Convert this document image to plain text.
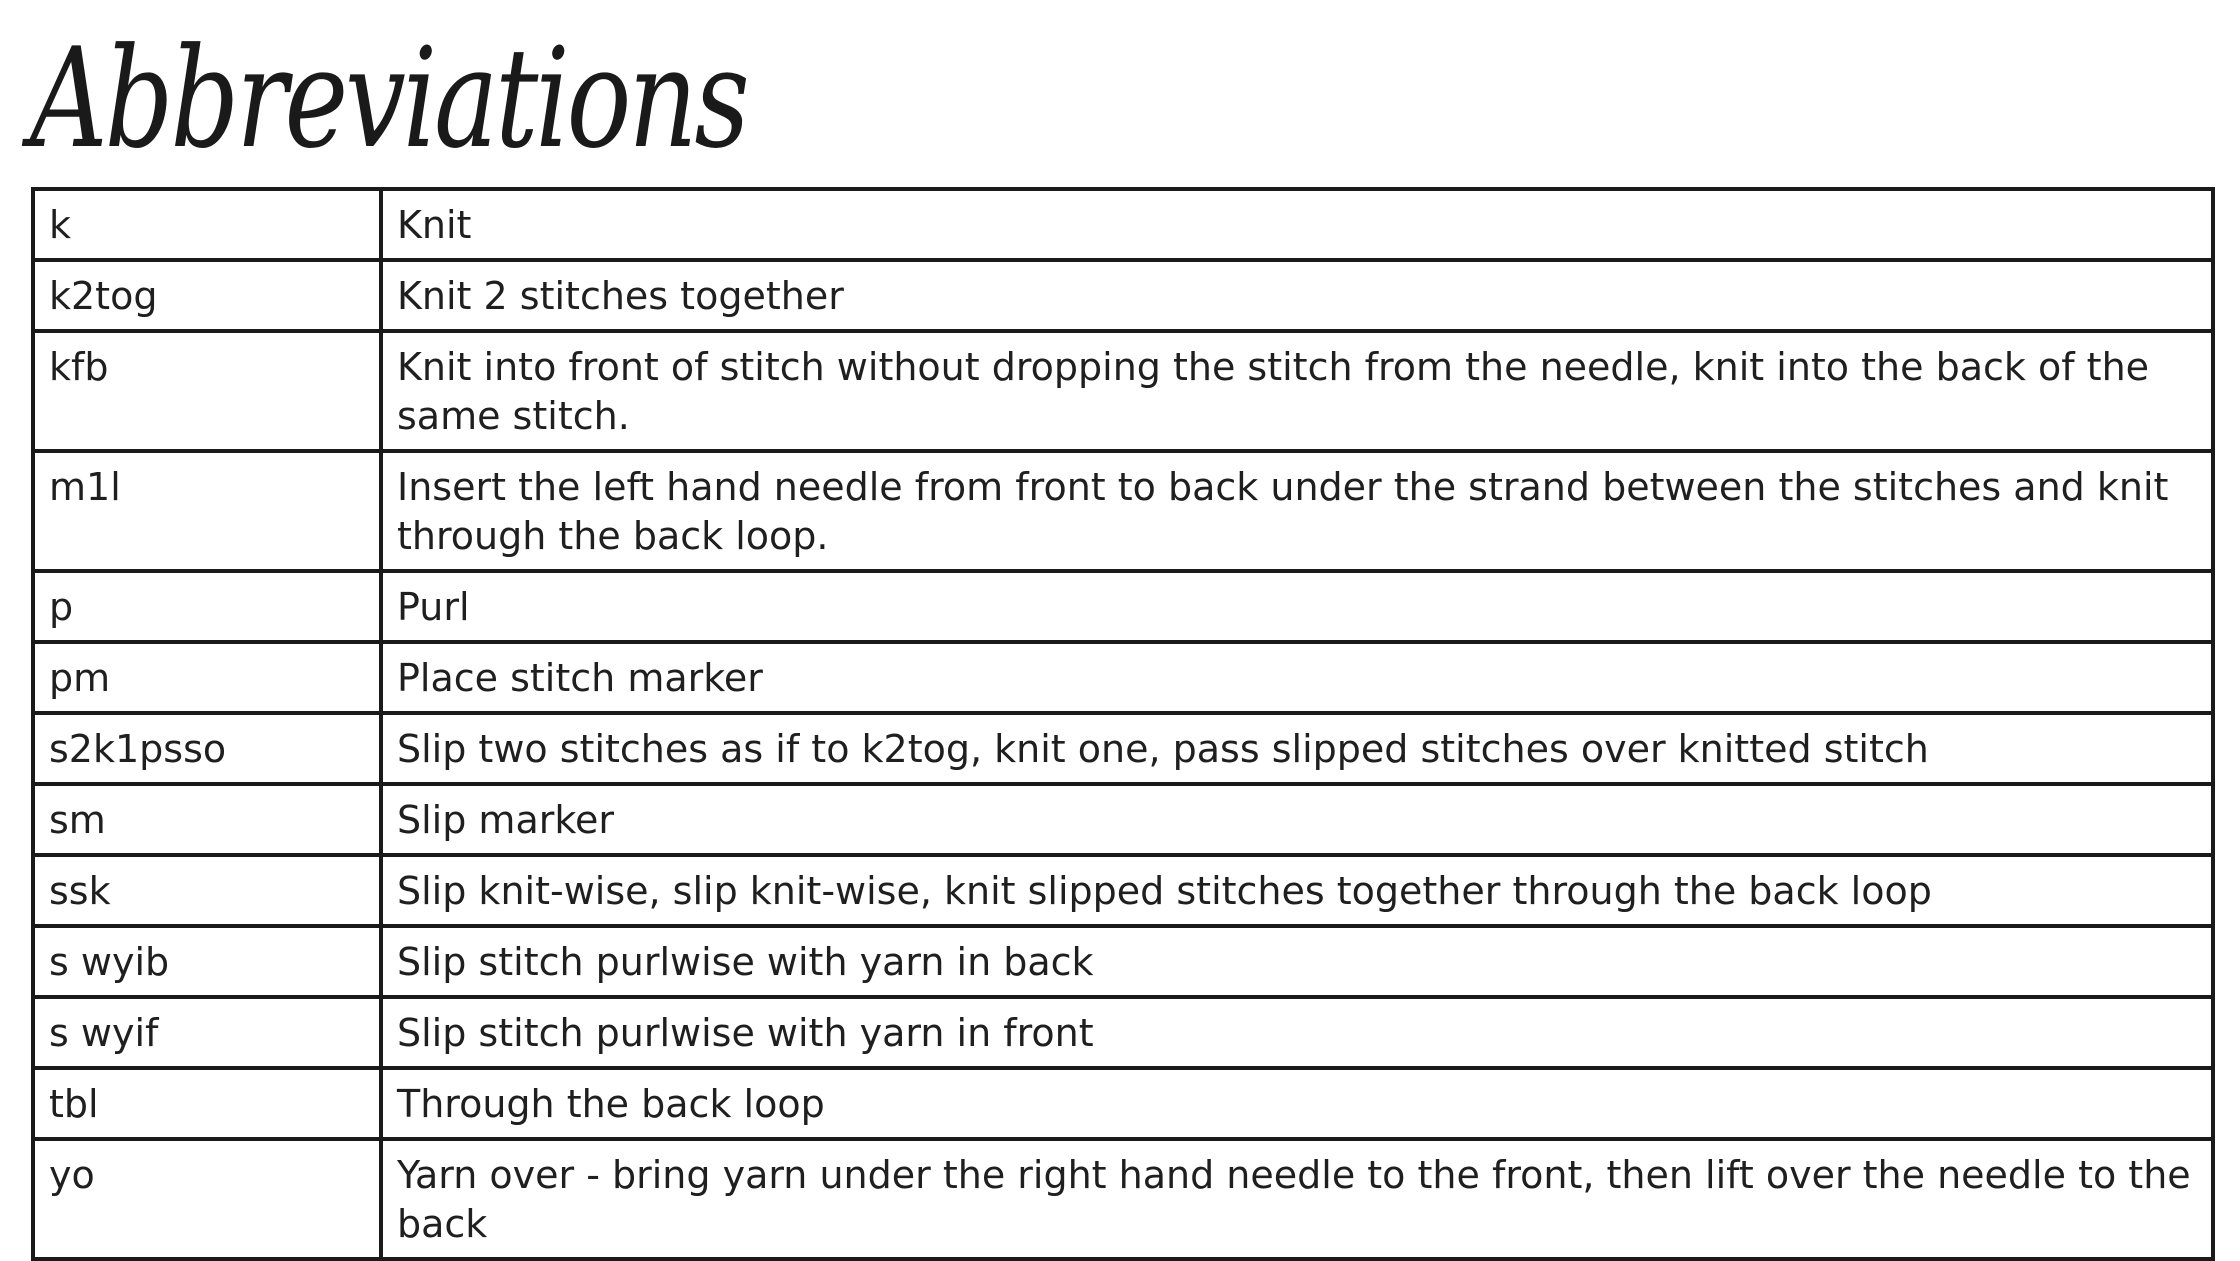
Abbreviations
k	Knit
k2tog	Knit 2 stitches together
kfb	Knit into front of stitch without dropping the stitch from the needle, knit into the back of the same stitch.
m1l	Insert the left hand needle from front to back under the strand between the stitches and knit through the back loop.
p	Purl
pm	Place stitch marker
s2k1psso	Slip two stitches as if to k2tog, knit one, pass slipped stitches over knitted stitch
sm	Slip marker
ssk	Slip knit-wise, slip knit-wise, knit slipped stitches together through the back loop
s wyib	Slip stitch purlwise with yarn in back
s wyif	Slip stitch purlwise with yarn in front
tbl	Through the back loop
yo	Yarn over - bring yarn under the right hand needle to the front, then lift over the needle to the back
